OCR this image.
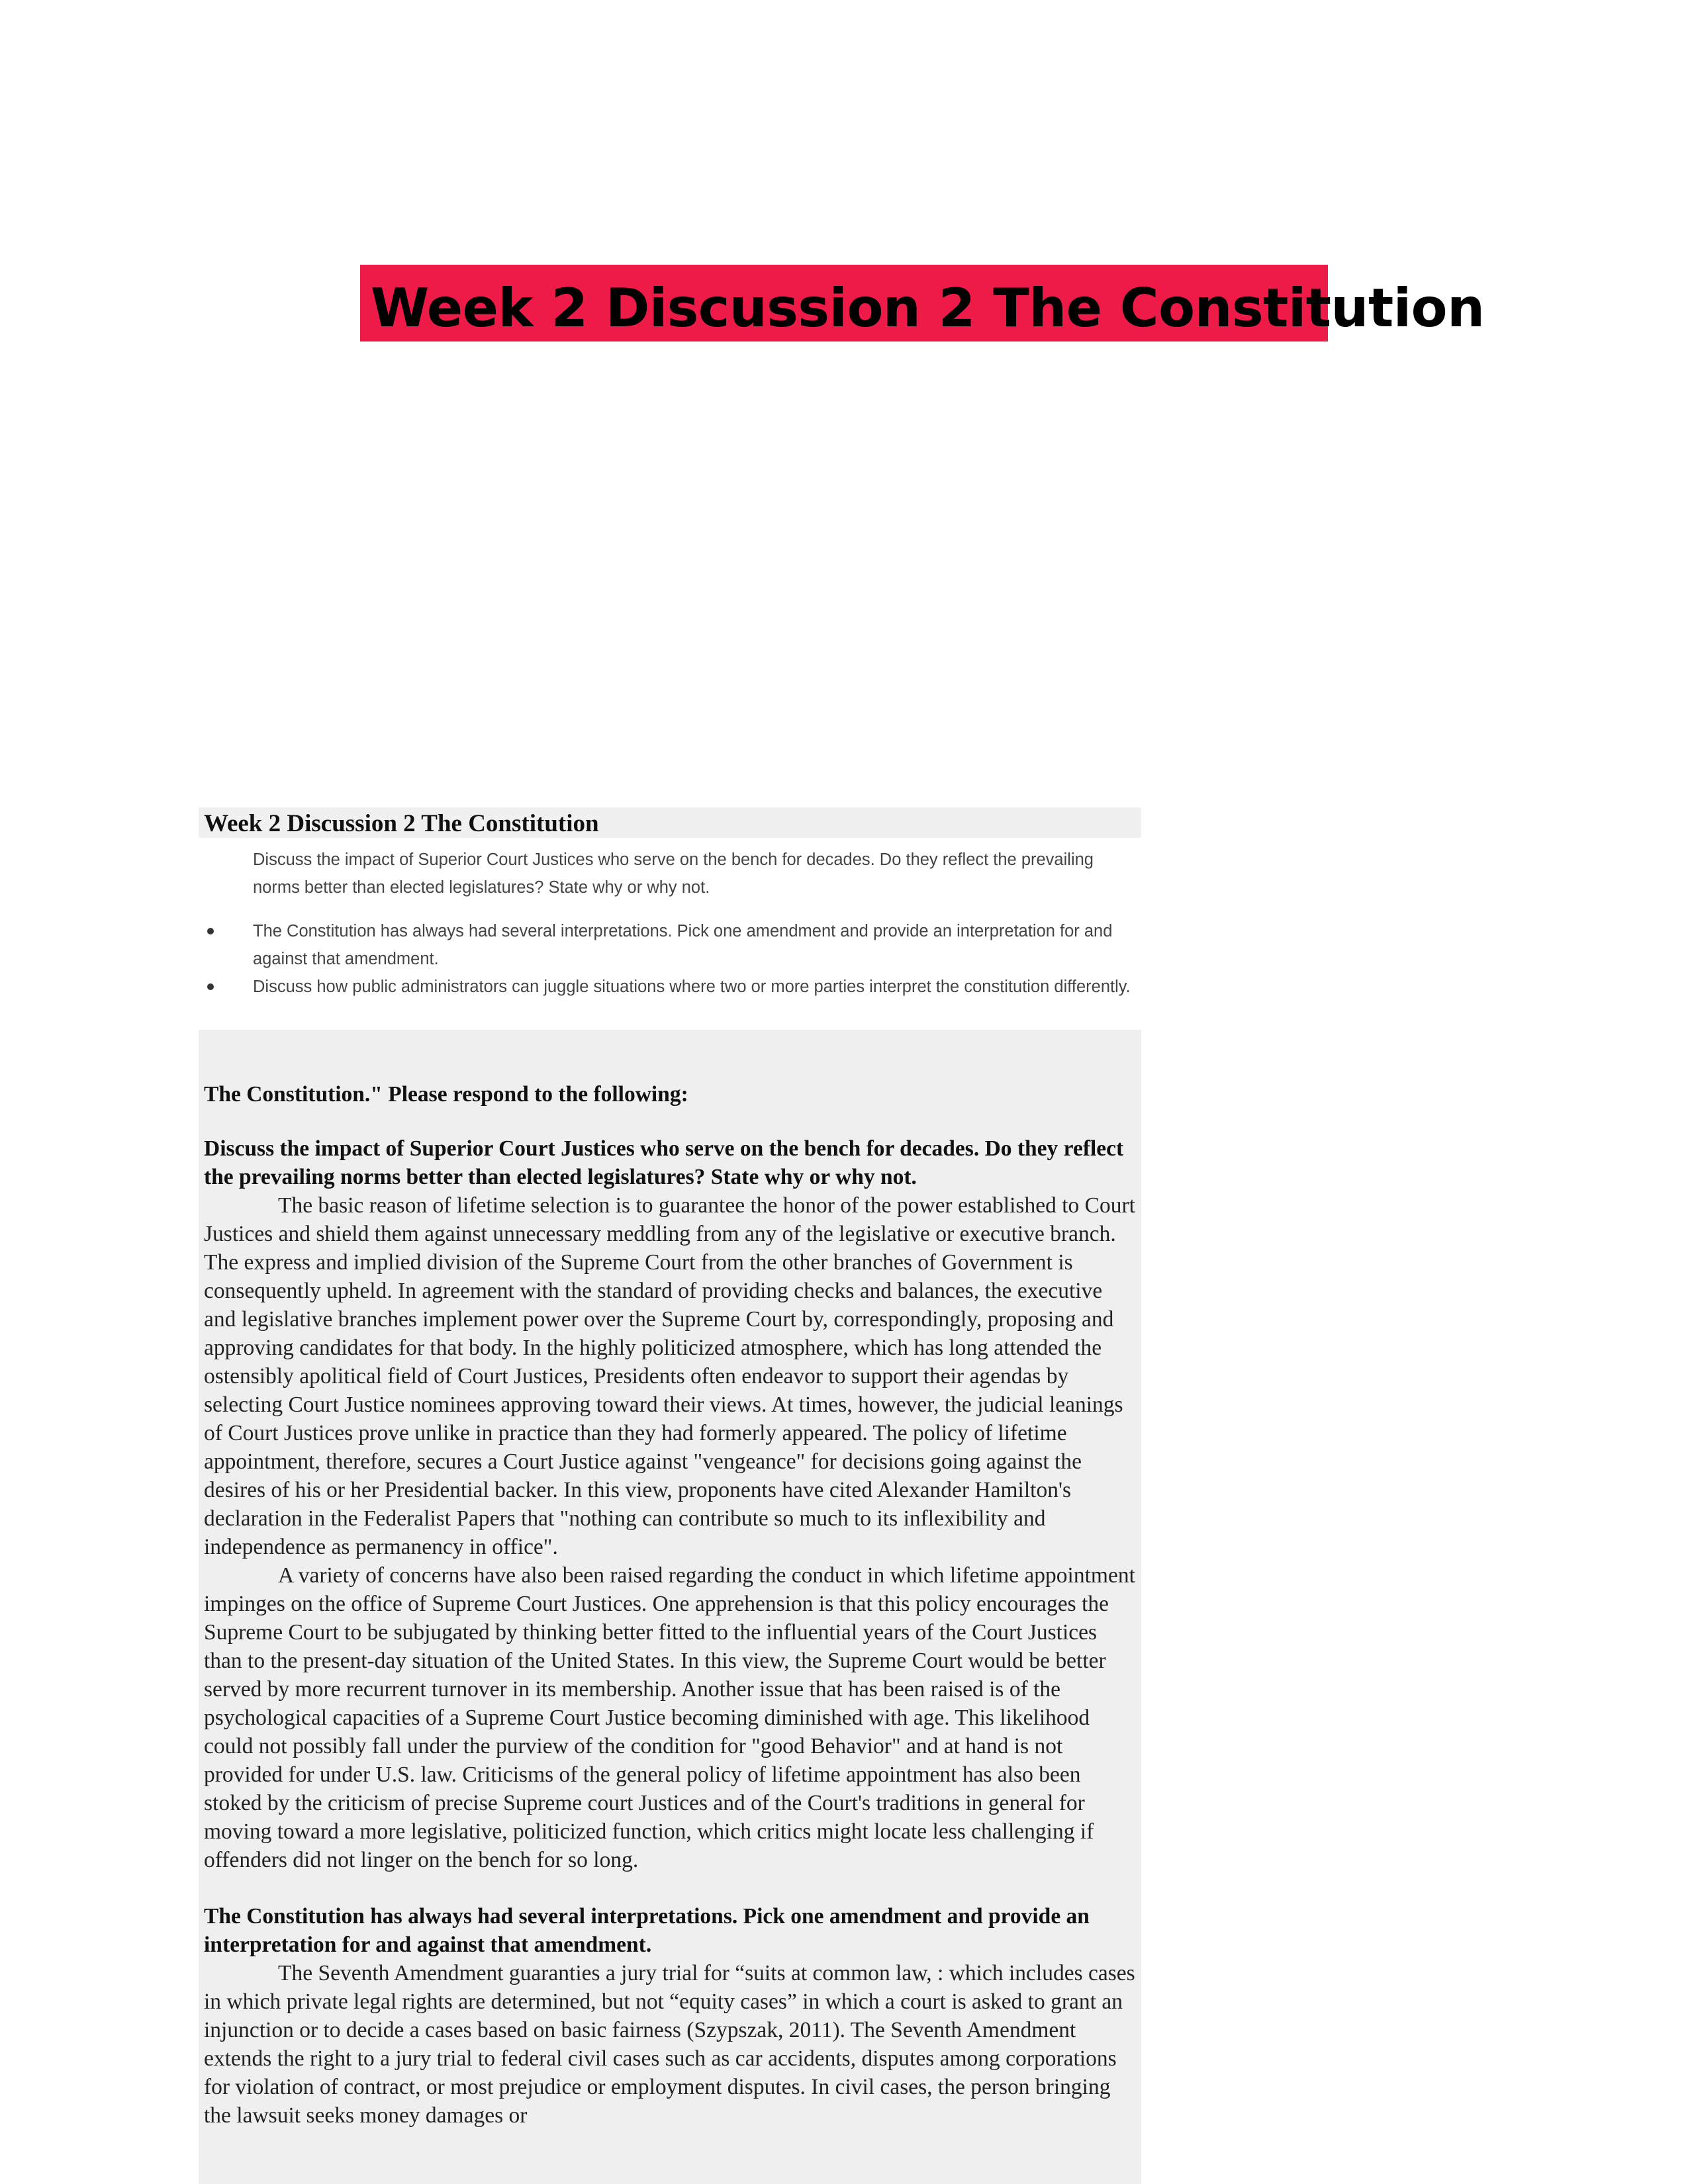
Week 2 Discussion 2 The Constitution
Week 2 Discussion 2 The Constitution
Discuss the impact of Superior Court Justices who serve on the bench for decades. Do they reflect the prevailing norms better than elected legislatures? State why or why not.
The Constitution has always had several interpretations. Pick one amendment and provide an interpretation for and against that amendment.
Discuss how public administrators can juggle situations where two or more parties interpret the constitution differently.

The Constitution." Please respond to the following:

Discuss the impact of Superior Court Justices who serve on the bench for decades. Do they reflect the prevailing norms better than elected legislatures? State why or why not.

The basic reason of lifetime selection is to guarantee the honor of the power established to Court Justices and shield them against unnecessary meddling from any of the legislative or executive branch. The express and implied division of the Supreme Court from the other branches of Government is consequently upheld. In agreement with the standard of providing checks and balances, the executive and legislative branches implement power over the Supreme Court by, correspondingly, proposing and approving candidates for that body. In the highly politicized atmosphere, which has long attended the ostensibly apolitical field of Court Justices, Presidents often endeavor to support their agendas by selecting Court Justice nominees approving toward their views. At times, however, the judicial leanings of Court Justices prove unlike in practice than they had formerly appeared. The policy of lifetime appointment, therefore, secures a Court Justice against "vengeance" for decisions going against the desires of his or her Presidential backer. In this view, proponents have cited Alexander Hamilton's declaration in the Federalist Papers that "nothing can contribute so much to its inflexibility and independence as permanency in office".

A variety of concerns have also been raised regarding the conduct in which lifetime appointment impinges on the office of Supreme Court Justices. One apprehension is that this policy encourages the Supreme Court to be subjugated by thinking better fitted to the influential years of the Court Justices than to the present-day situation of the United States. In this view, the Supreme Court would be better served by more recurrent turnover in its membership. Another issue that has been raised is of the psychological capacities of a Supreme Court Justice becoming diminished with age. This likelihood could not possibly fall under the purview of the condition for "good Behavior" and at hand is not provided for under U.S. law. Criticisms of the general policy of lifetime appointment has also been stoked by the criticism of precise Supreme court Justices and of the Court's traditions in general for moving toward a more legislative, politicized function, which critics might locate less challenging if offenders did not linger on the bench for so long.

The Constitution has always had several interpretations. Pick one amendment and provide an interpretation for and against that amendment.

The Seventh Amendment guaranties a jury trial for “suits at common law, : which includes cases in which private legal rights are determined, but not “equity cases” in which a court is asked to grant an injunction or to decide a cases based on basic fairness (Szypszak, 2011). The Seventh Amendment extends the right to a jury trial to federal civil cases such as car accidents, disputes among corporations for violation of contract, or most prejudice or employment disputes. In civil cases, the person bringing the lawsuit seeks money damages or
